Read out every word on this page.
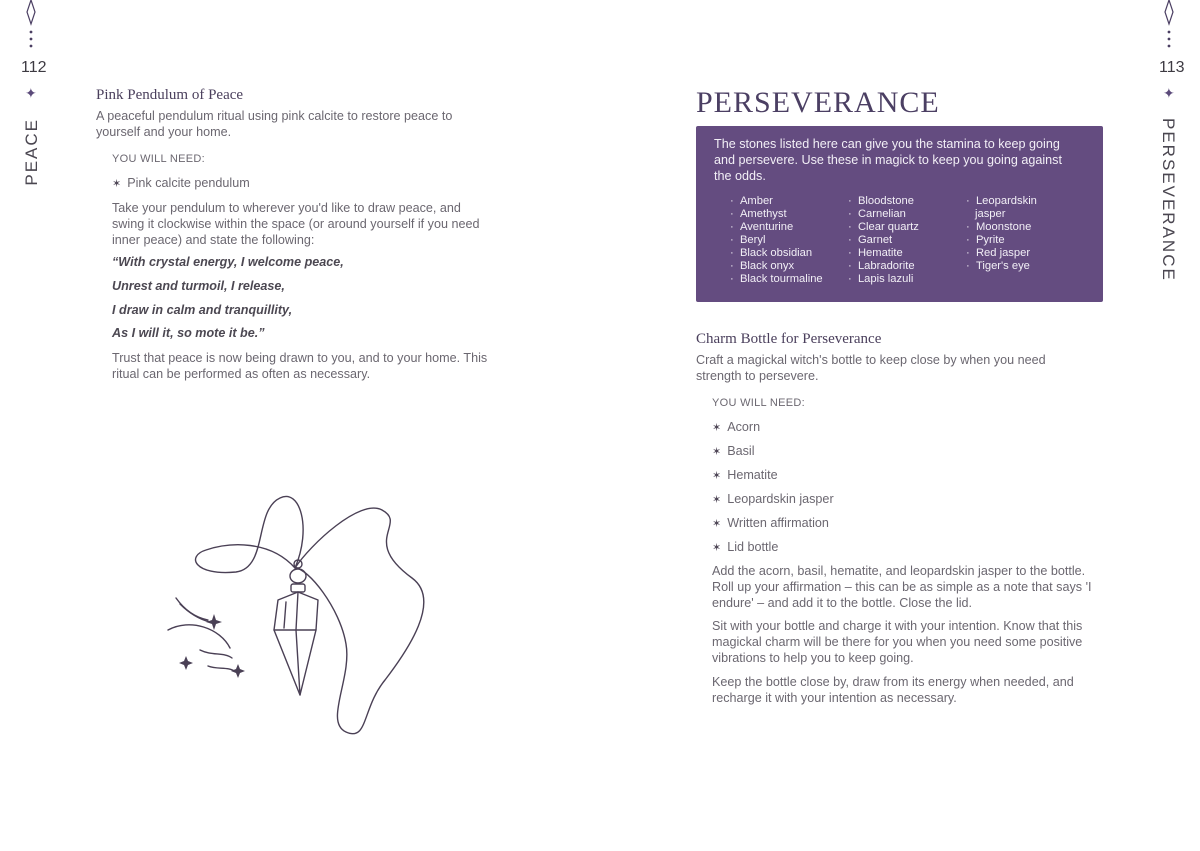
112	113
✦	✦
PEACE	PERSEVERANCE
Pink Pendulum of Peace
A peaceful pendulum ritual using pink calcite to restore peace to
yourself and your home.
YOU WILL NEED:
✶ Pink calcite pendulum
Take your pendulum to wherever you'd like to draw peace, and
swing it clockwise within the space (or around yourself if you need
inner peace) and state the following:
“With crystal energy, I welcome peace,
Unrest and turmoil, I release,
I draw in calm and tranquillity,
As I will it, so mote it be.”
Trust that peace is now being drawn to you, and to your home. This
ritual can be performed as often as necessary.
PERSEVERANCE
The stones listed here can give you the stamina to keep going
and persevere. Use these in magick to keep you going against
the odds.
· Amber
· Amethyst
· Aventurine
· Beryl
· Black obsidian
· Black onyx
· Black tourmaline
· Bloodstone
· Carnelian
· Clear quartz
· Garnet
· Hematite
· Labradorite
· Lapis lazuli
· Leopardskin
jasper
· Moonstone
· Pyrite
· Red jasper
· Tiger's eye
Charm Bottle for Perseverance
Craft a magickal witch's bottle to keep close by when you need
strength to persevere.
YOU WILL NEED:
✶ Acorn
✶ Basil
✶ Hematite
✶ Leopardskin jasper
✶ Written affirmation
✶ Lid bottle
Add the acorn, basil, hematite, and leopardskin jasper to the bottle.
Roll up your affirmation – this can be as simple as a note that says 'I
endure' – and add it to the bottle. Close the lid.
Sit with your bottle and charge it with your intention. Know that this
magickal charm will be there for you when you need some positive
vibrations to help you to keep going.
Keep the bottle close by, draw from its energy when needed, and
recharge it with your intention as necessary.
